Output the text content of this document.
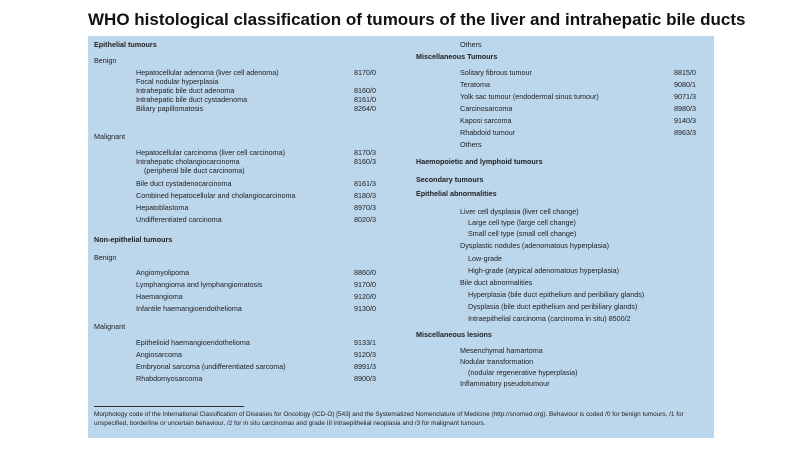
WHO histological classification of tumours of the liver and intrahepatic bile ducts
Epithelial tumours
Benign
Hepatocellular adenoma (liver cell adenoma)	8170/0
Focal nodular hyperplasia
Intrahepatic bile duct adenoma	8160/0
Intrahepatic bile duct cystadenoma	8161/0
Biliary papillomatosis	8264/0
Malignant
Hepatocellular carcinoma (liver cell carcinoma)	8170/3
Intrahepatic cholangiocarcinoma	8160/3
(peripheral bile duct carcinoma)
Bile duct cystadenocarcinoma	8161/3
Combined hepatocellular and cholangiocarcinoma	8180/3
Hepatoblastoma	8970/3
Undifferentiated carcinoma	8020/3
Non-epithelial tumours
Benign
Angiomyolipoma	8860/0
Lymphangioma and lymphangiomatosis	9170/0
Haemangioma	9120/0
Infantile haemangioendothelioma	9130/0
Malignant
Epithelioid haemangioendothelioma	9133/1
Angiosarcoma	9120/3
Embryonal sarcoma (undifferentiated sarcoma)	8991/3
Rhabdomyosarcoma	8900/3
Others
Miscellaneous Tumours
Solitary fibrous tumour	8815/0
Teratoma	9080/1
Yolk sac tumour (endodermal sinus tumour)	9071/3
Carcinosarcoma	8980/3
Kaposi sarcoma	9140/3
Rhabdoid tumour	8963/3
Others
Haemopoietic and lymphoid tumours
Secondary tumours
Epithelial abnormalities
Liver cell dysplasia (liver cell change)
Large cell type (large cell change)
Small cell type (small cell change)
Dysplastic nodules (adenomatous hyperplasia)
Low-grade
High-grade (atypical adenomatous hyperplasia)
Bile duct abnormalities
Hyperplasia (bile duct epithelium and peribiliary glands)
Dysplasia (bile duct epithelium and peribiliary glands)
Intraepithelial carcinoma (carcinoma in situ) 8500/2
Miscellaneous lesions
Mesenchymal hamartoma
Nodular transformation
(nodular regenerative hyperplasia)
Inflammatory pseudotumour
Morphology code of the International Classification of Diseases for Oncology (ICD-O) [543] and the Systematized Nomenclature of Medicine (http://snomed.org). Behaviour is coded /0 for benign tumours, /1 for unspecified, borderline or uncertain behaviour, /2 for in situ carcinomas and grade III intraepithelial neoplasia and /3 for malignant tumours.
